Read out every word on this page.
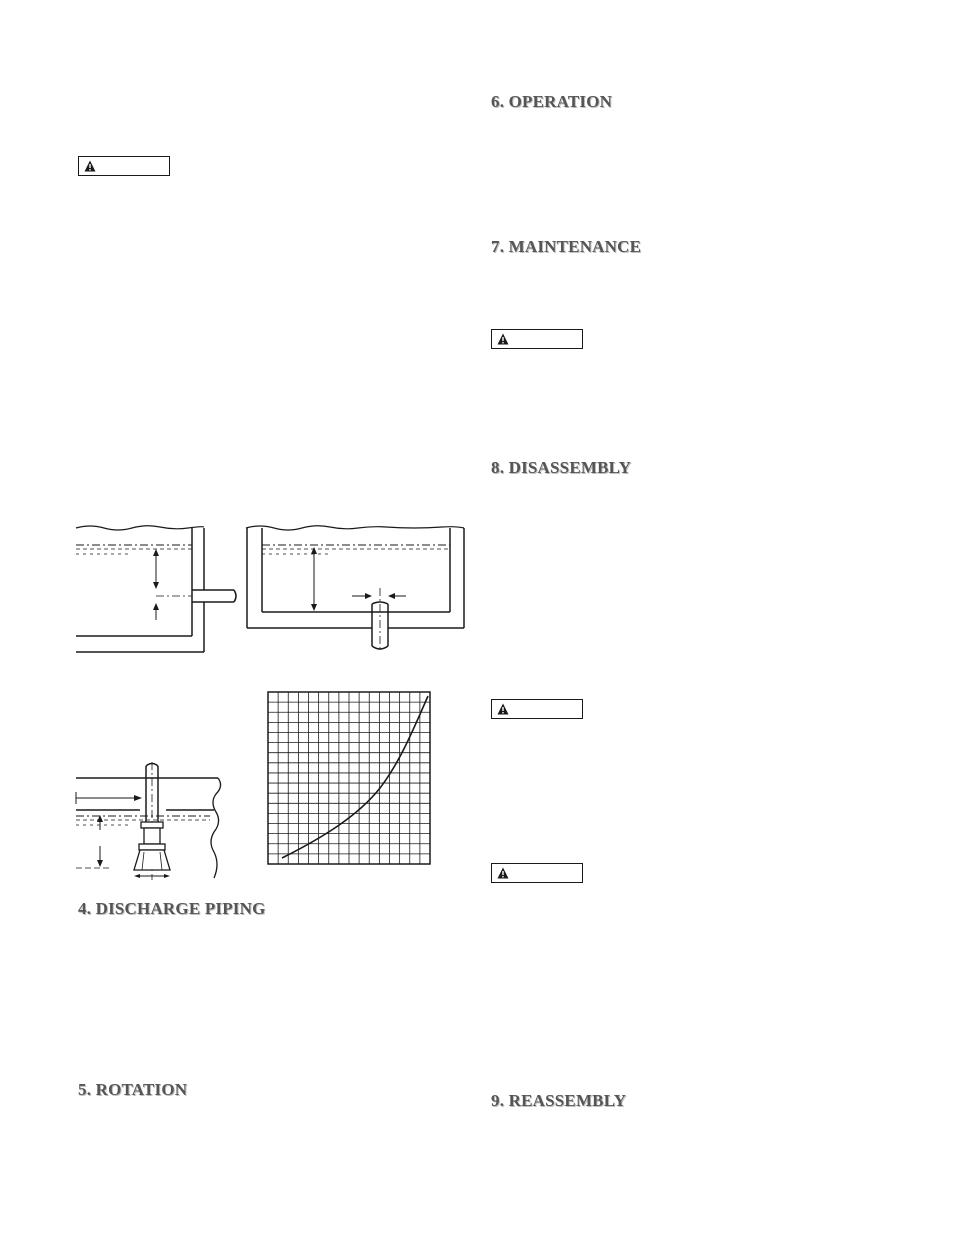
4. DISCHARGE PIPING
5. ROTATION
6. OPERATION
7. MAINTENANCE
8. DISASSEMBLY
9. REASSEMBLY
